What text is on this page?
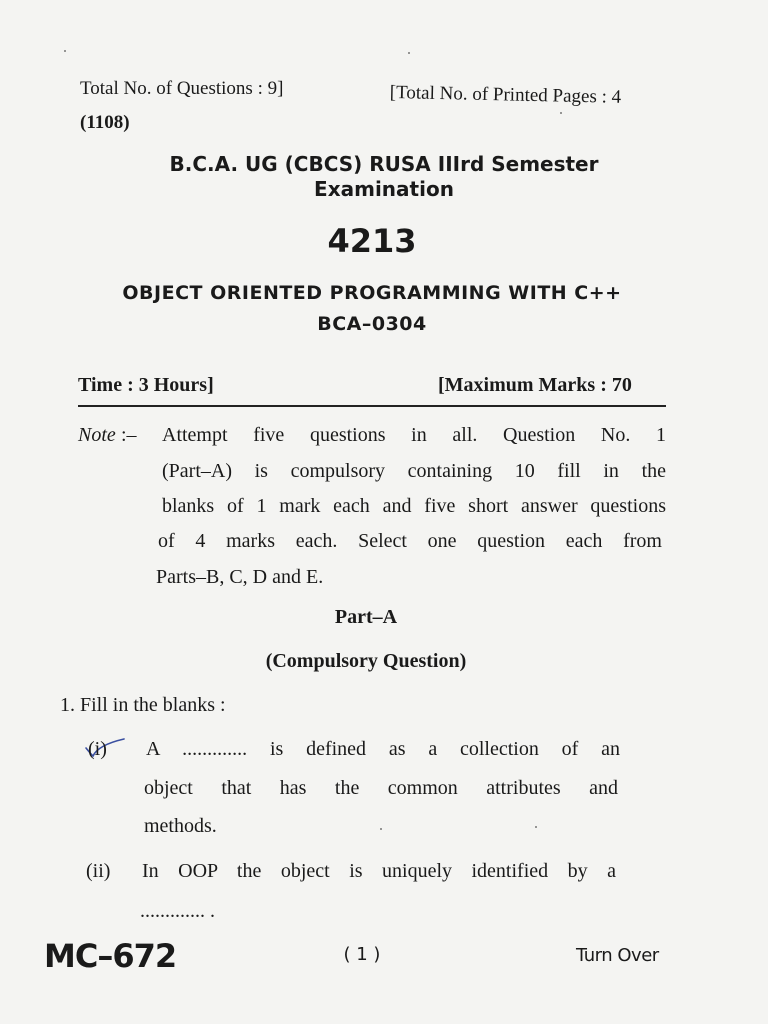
Total No. of Questions : 9]	[Total No. of Printed Pages : 4
(1108)
B.C.A. UG (CBCS) RUSA IIIrd Semester
Examination
4213
OBJECT ORIENTED PROGRAMMING WITH C++
BCA–0304
Time : 3 Hours]	[Maximum Marks : 70
Note :– Attempt five questions in all. Question No. 1
(Part–A) is compulsory containing 10 fill in the
blanks of 1 mark each and five short answer questions
of 4 marks each. Select one question each from
Parts–B, C, D and E.
Part–A
(Compulsory Question)
1. Fill in the blanks :
(i) A ............. is defined as a collection of an
object that has the common attributes and
methods.
(ii) In OOP the object is uniquely identified by a
............. .
MC–672	( 1 )	Turn Over
